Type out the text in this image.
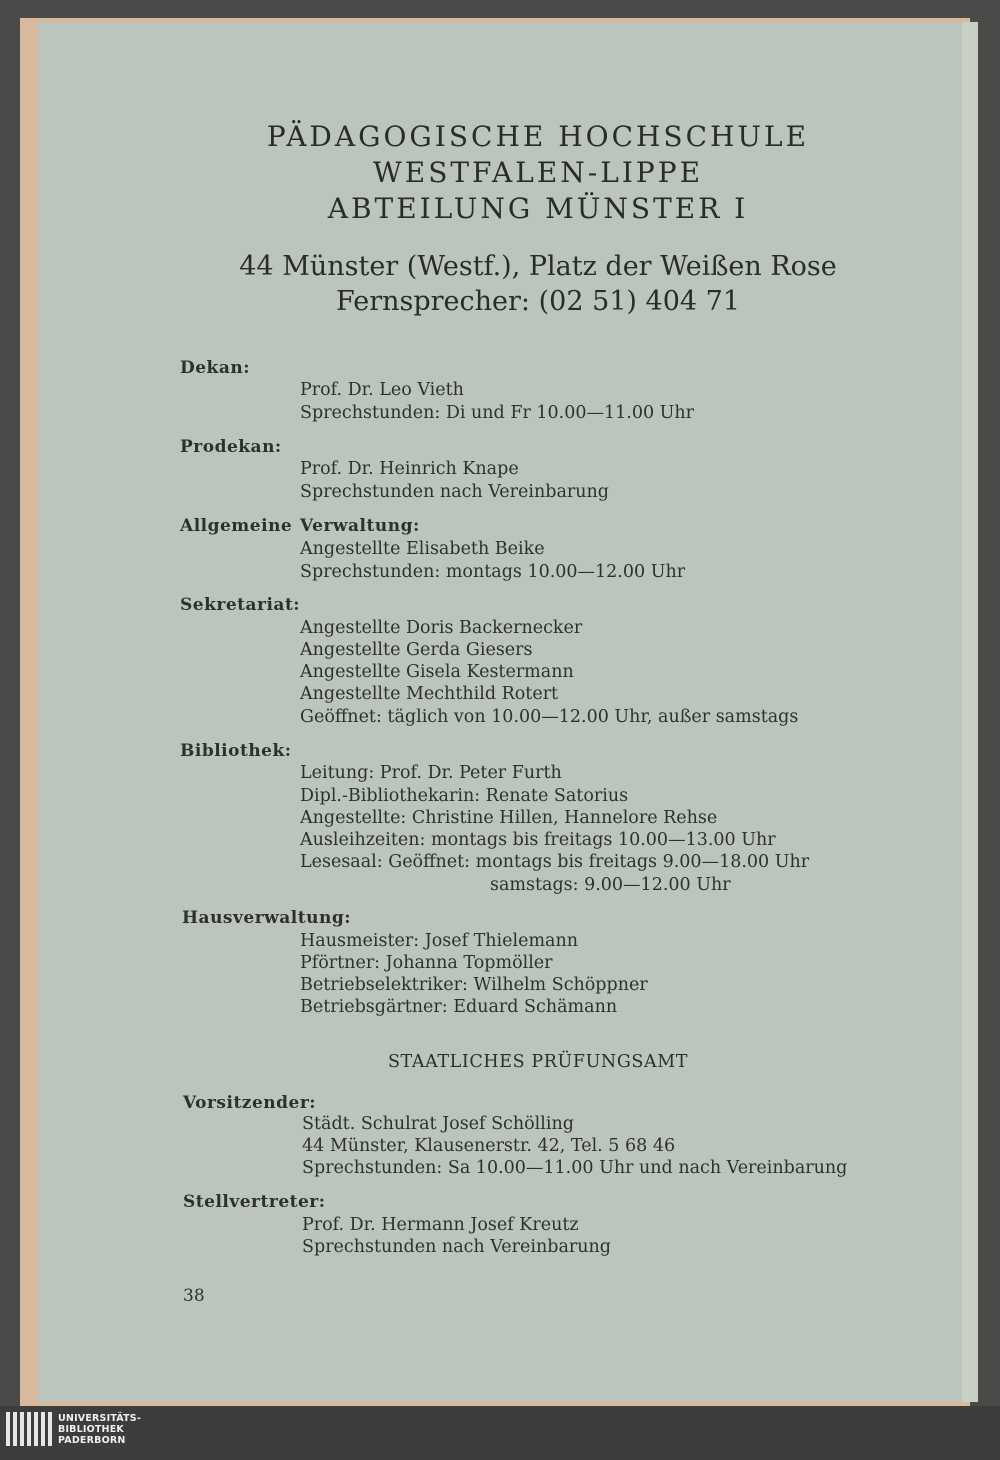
PÄDAGOGISCHE HOCHSCHULE
WESTFALEN-LIPPE
ABTEILUNG MÜNSTER I
44 Münster (Westf.), Platz der Weißen Rose
Fernsprecher: (02 51) 404 71
Dekan:
Prof. Dr. Leo Vieth
Sprechstunden: Di und Fr 10.00—11.00 Uhr
Prodekan:
Prof. Dr. Heinrich Knape
Sprechstunden nach Vereinbarung
Allgemeine Verwaltung:
Angestellte Elisabeth Beike
Sprechstunden: montags 10.00—12.00 Uhr
Sekretariat:
Angestellte Doris Backernecker
Angestellte Gerda Giesers
Angestellte Gisela Kestermann
Angestellte Mechthild Rotert
Geöffnet: täglich von 10.00—12.00 Uhr, außer samstags
Bibliothek:
Leitung: Prof. Dr. Peter Furth
Dipl.-Bibliothekarin: Renate Satorius
Angestellte: Christine Hillen, Hannelore Rehse
Ausleihzeiten: montags bis freitags 10.00—13.00 Uhr
Lesesaal: Geöffnet: montags bis freitags 9.00—18.00 Uhr
samstags: 9.00—12.00 Uhr
Hausverwaltung:
Hausmeister: Josef Thielemann
Pförtner: Johanna Topmöller
Betriebselektriker: Wilhelm Schöppner
Betriebsgärtner: Eduard Schämann
STAATLICHES PRÜFUNGSAMT
Vorsitzender:
Städt. Schulrat Josef Schölling
44 Münster, Klausenerstr. 42, Tel. 5 68 46
Sprechstunden: Sa 10.00—11.00 Uhr und nach Vereinbarung
Stellvertreter:
Prof. Dr. Hermann Josef Kreutz
Sprechstunden nach Vereinbarung
38
UNIVERSITÄTS-
BIBLIOTHEK
PADERBORN
